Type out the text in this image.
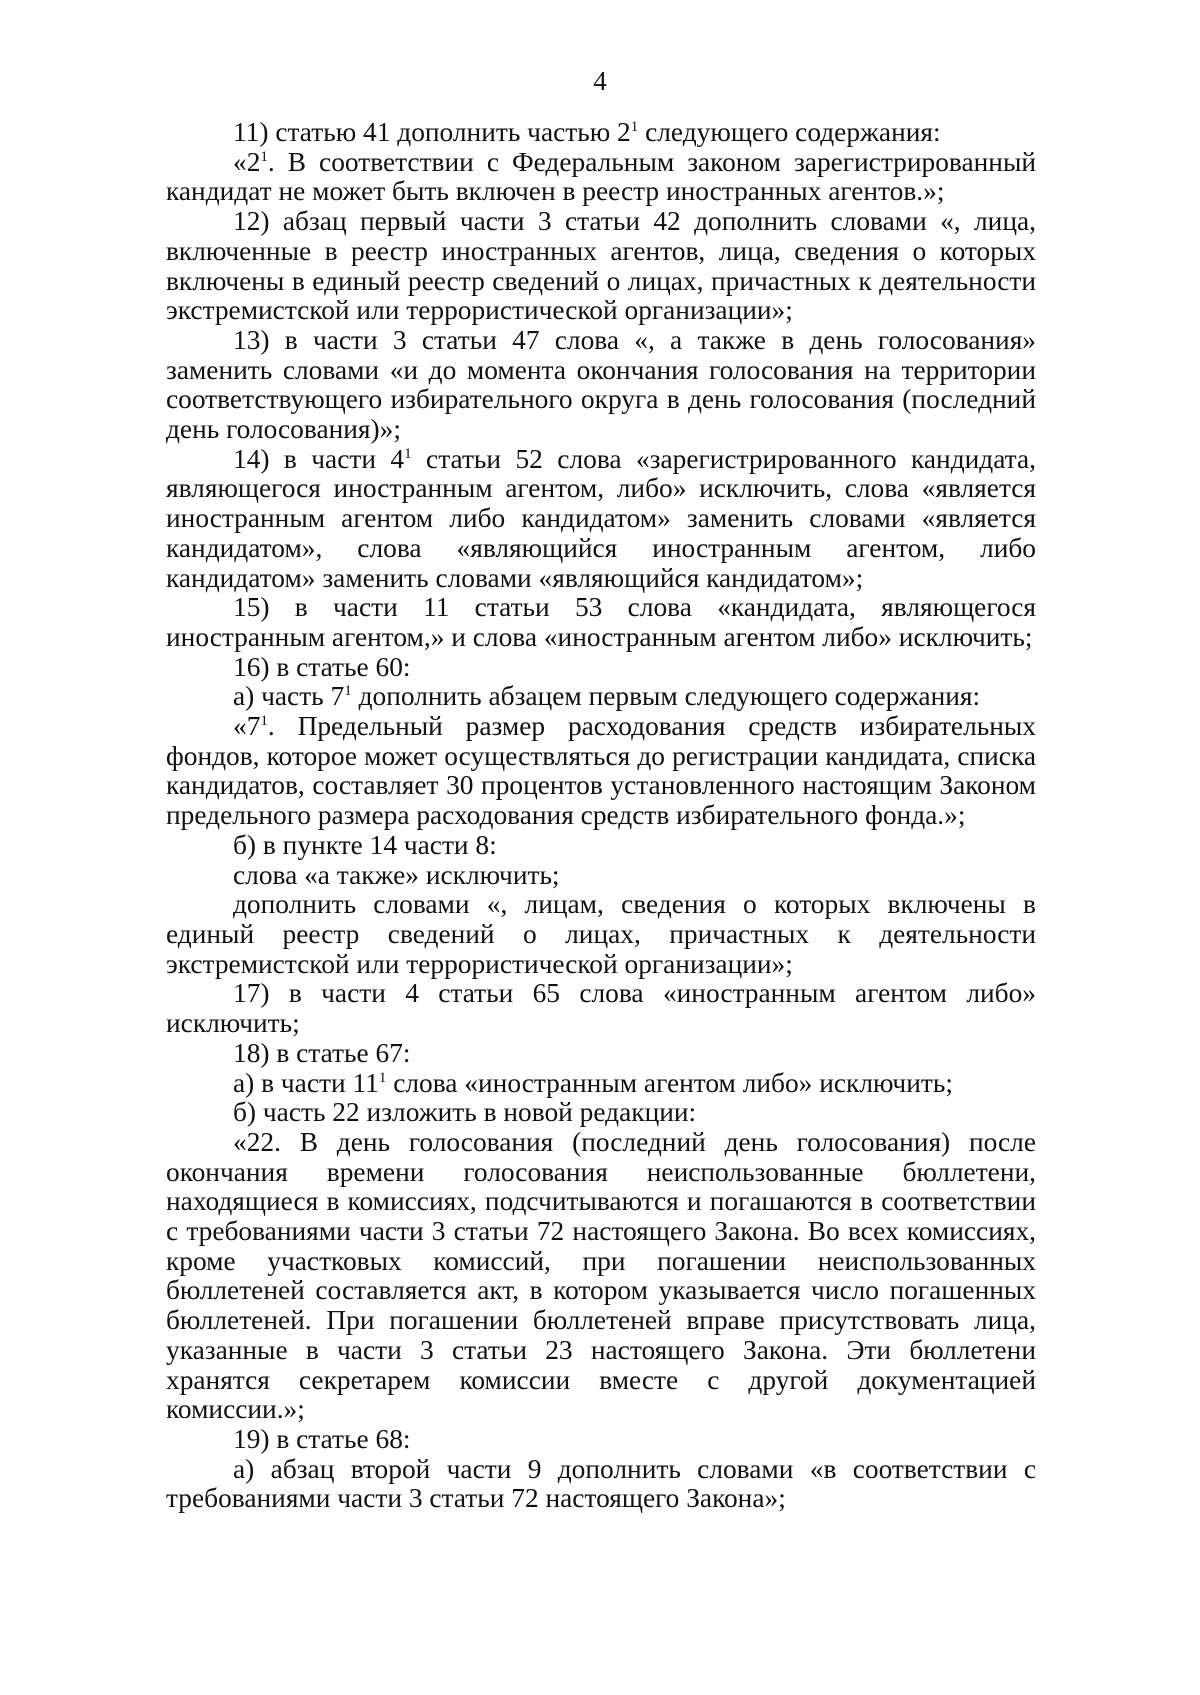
4

11) статью 41 дополнить частью $2^1$ следующего содержания:

«$2^1$. В соответствии с Федеральным законом зарегистрированный кандидат не может быть включен в реестр иностранных агентов.»;

12) абзац первый части 3 статьи 42 дополнить словами «, лица, включенные в реестр иностранных агентов, лица, сведения о которых включены в единый реестр сведений о лицах, причастных к деятельности экстремистской или террористической организации»;

13) в части 3 статьи 47 слова «, а также в день голосования» заменить словами «и до момента окончания голосования на территории соответствующего избирательного округа в день голосования (последний день голосования)»;

14) в части $4^1$ статьи 52 слова «зарегистрированного кандидата, являющегося иностранным агентом, либо» исключить, слова «является иностранным агентом либо кандидатом» заменить словами «является кандидатом», слова «являющийся иностранным агентом, либо кандидатом» заменить словами «являющийся кандидатом»;

15) в части 11 статьи 53 слова «кандидата, являющегося иностранным агентом,» и слова «иностранным агентом либо» исключить;

16) в статье 60:

а) часть $7^1$ дополнить абзацем первым следующего содержания:

«$7^1$. Предельный размер расходования средств избирательных фондов, которое может осуществляться до регистрации кандидата, списка кандидатов, составляет 30 процентов установленного настоящим Законом предельного размера расходования средств избирательного фонда.»;

б) в пункте 14 части 8:

слова «а также» исключить;

дополнить словами «, лицам, сведения о которых включены в единый реестр сведений о лицах, причастных к деятельности экстремистской или террористической организации»;

17) в части 4 статьи 65 слова «иностранным агентом либо» исключить;

18) в статье 67:

а) в части $11^1$ слова «иностранным агентом либо» исключить;

б) часть 22 изложить в новой редакции:

«22. В день голосования (последний день голосования) после окончания времени голосования неиспользованные бюллетени, находящиеся в комиссиях, подсчитываются и погашаются в соответствии с требованиями части 3 статьи 72 настоящего Закона. Во всех комиссиях, кроме участковых комиссий, при погашении неиспользованных бюллетеней составляется акт, в котором указывается число погашенных бюллетеней. При погашении бюллетеней вправе присутствовать лица, указанные в части 3 статьи 23 настоящего Закона. Эти бюллетени хранятся секретарем комиссии вместе с другой документацией комиссии.»;

19) в статье 68:

а) абзац второй части 9 дополнить словами «в соответствии с требованиями части 3 статьи 72 настоящего Закона»;
